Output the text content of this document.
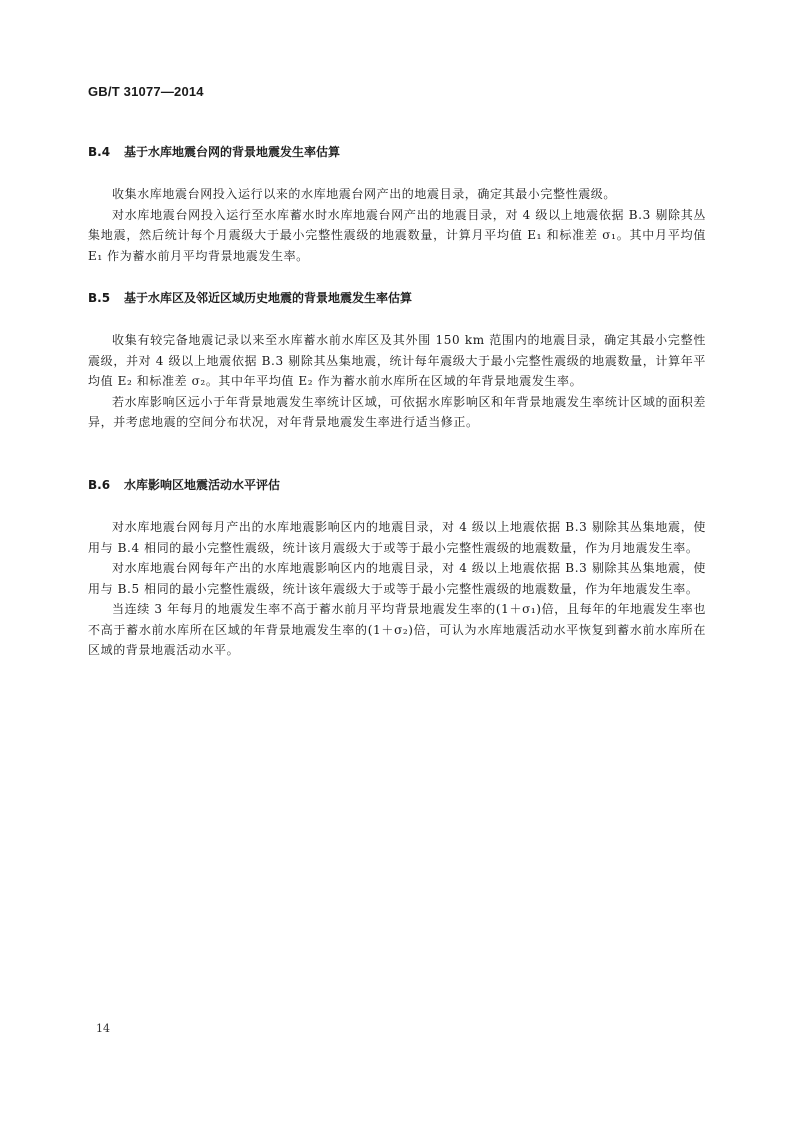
GB/T 31077—2014
B.4 基于水库地震台网的背景地震发生率估算

收集水库地震台网投入运行以来的水库地震台网产出的地震目录，确定其最小完整性震级。

对水库地震台网投入运行至水库蓄水时水库地震台网产出的地震目录，对 4 级以上地震依据 B.3 剔除其丛集地震，然后统计每个月震级大于最小完整性震级的地震数量，计算月平均值 E₁ 和标准差 σ₁。其中月平均值 E₁ 作为蓄水前月平均背景地震发生率。

B.5 基于水库区及邻近区域历史地震的背景地震发生率估算

收集有较完备地震记录以来至水库蓄水前水库区及其外围 150 km 范围内的地震目录，确定其最小完整性震级，并对 4 级以上地震依据 B.3 剔除其丛集地震，统计每年震级大于最小完整性震级的地震数量，计算年平均值 E₂ 和标准差 σ₂。其中年平均值 E₂ 作为蓄水前水库所在区域的年背景地震发生率。

若水库影响区远小于年背景地震发生率统计区域，可依据水库影响区和年背景地震发生率统计区域的面积差异，并考虑地震的空间分布状况，对年背景地震发生率进行适当修正。

B.6 水库影响区地震活动水平评估

对水库地震台网每月产出的水库地震影响区内的地震目录，对 4 级以上地震依据 B.3 剔除其丛集地震，使用与 B.4 相同的最小完整性震级，统计该月震级大于或等于最小完整性震级的地震数量，作为月地震发生率。

对水库地震台网每年产出的水库地震影响区内的地震目录，对 4 级以上地震依据 B.3 剔除其丛集地震，使用与 B.5 相同的最小完整性震级，统计该年震级大于或等于最小完整性震级的地震数量，作为年地震发生率。

当连续 3 年每月的地震发生率不高于蓄水前月平均背景地震发生率的(1＋σ₁)倍，且每年的年地震发生率也不高于蓄水前水库所在区域的年背景地震发生率的(1＋σ₂)倍，可认为水库地震活动水平恢复到蓄水前水库所在区域的背景地震活动水平。

14
